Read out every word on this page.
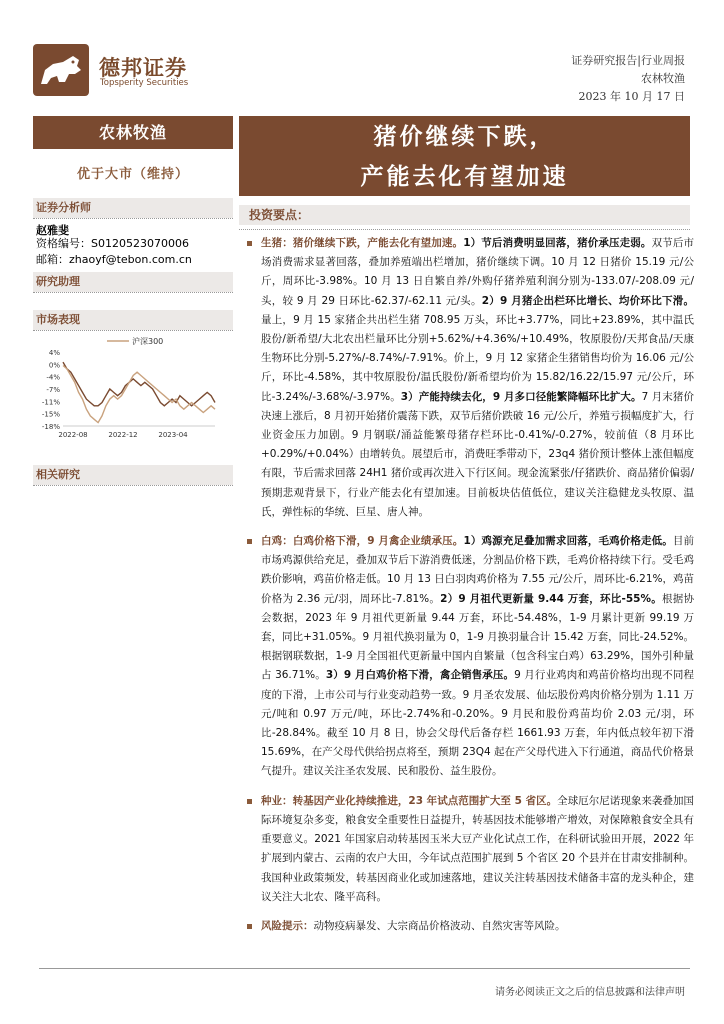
德邦证券
Topsperity Securities
证券研究报告|行业周报
农林牧渔
2023 年 10 月 17 日
农林牧渔
优于大市（维持）
证券分析师
赵雅斐
资格编号：S0120523070006
邮箱：zhaoyf@tebon.com.cn
研究助理
市场表现
4%
0%
-4%
-7%
-11%
-15%
-18%
2022-08	2022-12	2023-04
沪深300
相关研究
猪价继续下跌，
产能去化有望加速
投资要点：
生猪：猪价继续下跌，产能去化有望加速。1）节后消费明显回落，猪价承压走弱。双节后市场消费需求显著回落，叠加养殖端出栏增加，猪价继续下调。10 月 12 日猪价 15.19 元/公斤，周环比-3.98%。10 月 13 日自繁自养/外购仔猪养殖利润分别为-133.07/-208.09 元/头，较 9 月 29 日环比-62.37/-62.11 元/头。2）9 月猪企出栏环比增长、均价环比下滑。量上，9 月 15 家猪企共出栏生猪 708.95 万头，环比+3.77%，同比+23.89%，其中温氏股份/新希望/大北农出栏量环比分别+5.62%/+4.36%/+10.49%，牧原股份/天邦食品/天康生物环比分别-5.27%/-8.74%/-7.91%。价上，9 月 12 家猪企生猪销售均价为 16.06 元/公斤，环比-4.58%，其中牧原股份/温氏股份/新希望均价为 15.82/16.22/15.97 元/公斤，环比-3.24%/-3.68%/-3.97%。3）产能持续去化，9 月多口径能繁降幅环比扩大。7 月末猪价决速上涨后，8 月初开始猪价震荡下跌，双节后猪价跌破 16 元/公斤，养殖亏损幅度扩大，行业资金压力加剧。9 月钢联/涌益能繁母猪存栏环比-0.41%/-0.27%，较前值（8 月环比+0.29%/+0.04%）由增转负。展望后市，消费旺季带动下，23q4 猪价预计整体上涨但幅度有限，节后需求回落 24H1 猪价或再次进入下行区间。现金流紧张/仔猪跌价、商品猪价偏弱/预期悲观背景下，行业产能去化有望加速。目前板块估值低位，建议关注稳健龙头牧原、温氏，弹性标的华统、巨星、唐人神。
白鸡：白鸡价格下滑，9 月禽企业绩承压。1）鸡源充足叠加需求回落，毛鸡价格走低。目前市场鸡源供给充足，叠加双节后下游消费低迷，分割品价格下跌，毛鸡价格持续下行。受毛鸡跌价影响，鸡苗价格走低。10 月 13 日白羽肉鸡价格为 7.55 元/公斤，周环比-6.21%，鸡苗价格为 2.36 元/羽，周环比-7.81%。2）9 月祖代更新量 9.44 万套，环比-55%。根据协会数据，2023 年 9 月祖代更新量 9.44 万套，环比-54.48%，1-9 月累计更新 99.19 万套，同比+31.05%。9 月祖代换羽量为 0，1-9 月换羽量合计 15.42 万套，同比-24.52%。根据钢联数据，1-9 月全国祖代更新量中国内自繁量（包含科宝白鸡）63.29%，国外引种量占 36.71%。3）9 月白鸡价格下滑，禽企销售承压。9 月行业鸡肉和鸡苗价格均出现不同程度的下滑，上市公司与行业变动趋势一致。9 月圣农发展、仙坛股份鸡肉价格分别为 1.11 万元/吨和 0.97 万元/吨，环比-2.74%和-0.20%。9 月民和股份鸡苗均价 2.03 元/羽，环比-28.84%。截至 10 月 8 日，协会父母代后备存栏 1661.93 万套，年内低点较年初下滑 15.69%，在产父母代供给拐点将至，预期 23Q4 起在产父母代进入下行通道，商品代价格景气提升。建议关注圣农发展、民和股份、益生股份。
种业：转基因产业化持续推进，23 年试点范围扩大至 5 省区。全球厄尔尼诺现象来袭叠加国际环境复杂多变，粮食安全重要性日益提升，转基因技术能够增产增效，对保障粮食安全具有重要意义。2021 年国家启动转基因玉米大豆产业化试点工作，在科研试验田开展，2022 年扩展到内蒙古、云南的农户大田，今年试点范围扩展到 5 个省区 20 个县并在甘肃安排制种。我国种业政策频发，转基因商业化或加速落地，建议关注转基因技术储备丰富的龙头种企，建议关注大北农、隆平高科。
风险提示：动物疫病暴发、大宗商品价格波动、自然灾害等风险。
请务必阅读正文之后的信息披露和法律声明
